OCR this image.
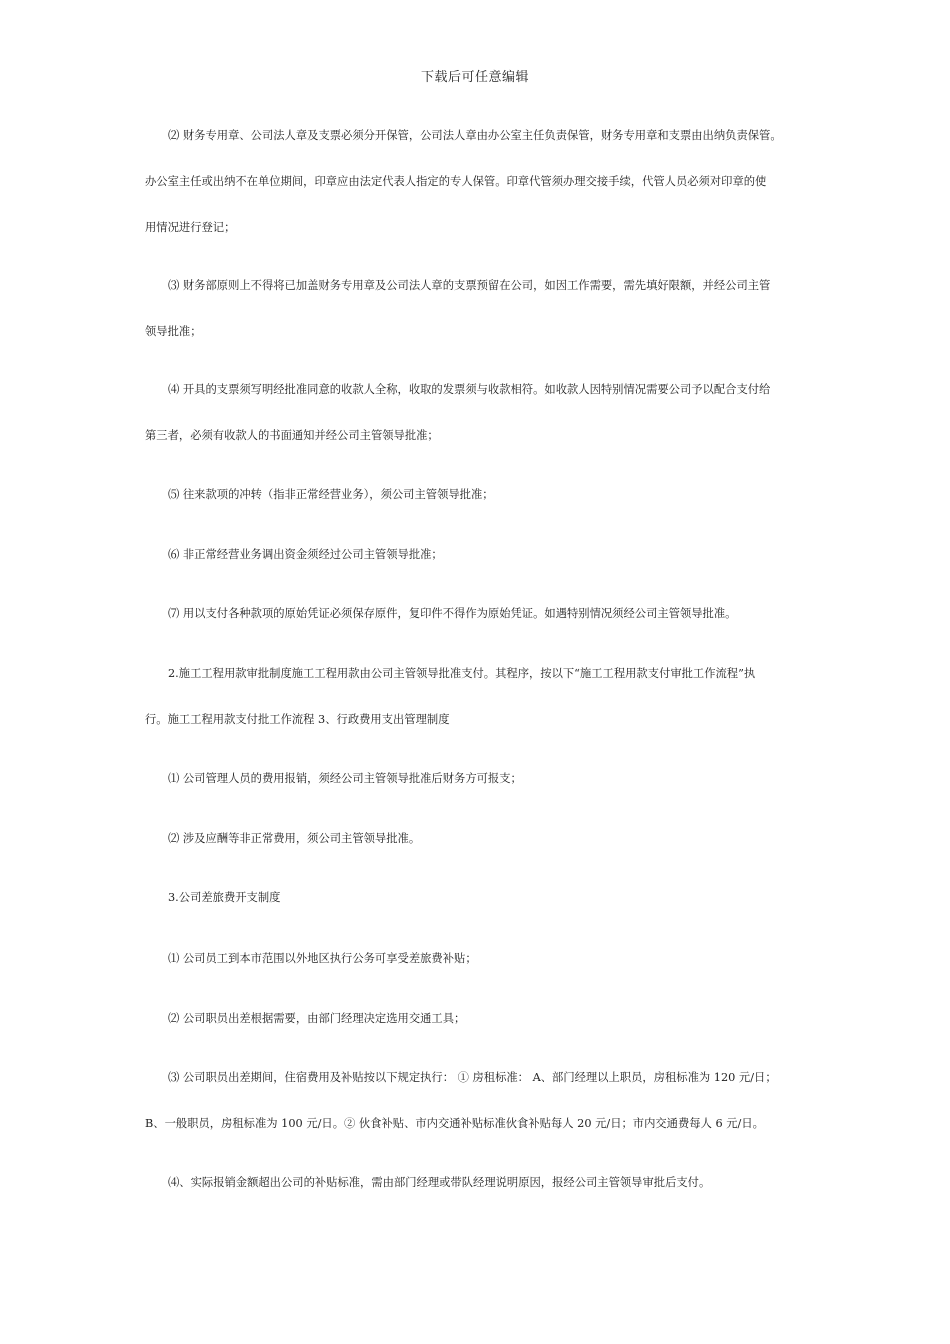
下载后可任意编辑
⑵ 财务专用章、公司法人章及支票必须分开保管，公司法人章由办公室主任负责保管，财务专用章和支票由出纳负责保管。
办公室主任或出纳不在单位期间，印章应由法定代表人指定的专人保管。印章代管须办理交接手续，代管人员必须对印章的使
用情况进行登记；
⑶ 财务部原则上不得将已加盖财务专用章及公司法人章的支票预留在公司，如因工作需要，需先填好限额，并经公司主管
领导批准；
⑷ 开具的支票须写明经批准同意的收款人全称，收取的发票须与收款相符。如收款人因特别情况需要公司予以配合支付给
第三者，必须有收款人的书面通知并经公司主管领导批准；
⑸ 往来款项的冲转（指非正常经营业务），须公司主管领导批准；
⑹ 非正常经营业务调出资金须经过公司主管领导批准；
⑺ 用以支付各种款项的原始凭证必须保存原件，复印件不得作为原始凭证。如遇特别情况须经公司主管领导批准。
2.施工工程用款审批制度施工工程用款由公司主管领导批准支付。其程序，按以下“施工工程用款支付审批工作流程”执
行。施工工程用款支付批工作流程 3、行政费用支出管理制度
⑴ 公司管理人员的费用报销，须经公司主管领导批准后财务方可报支；
⑵ 涉及应酬等非正常费用，须公司主管领导批准。
3.公司差旅费开支制度
⑴ 公司员工到本市范围以外地区执行公务可享受差旅费补贴；
⑵ 公司职员出差根据需要，由部门经理决定选用交通工具；
⑶ 公司职员出差期间，住宿费用及补贴按以下规定执行： ① 房租标准： A、部门经理以上职员，房租标准为 120 元/日；
B、一般职员，房租标准为 100 元/日。② 伙食补贴、市内交通补贴标准伙食补贴每人 20 元/日；市内交通费每人 6 元/日。
⑷、实际报销金额超出公司的补贴标准，需由部门经理或带队经理说明原因，报经公司主管领导审批后支付。
